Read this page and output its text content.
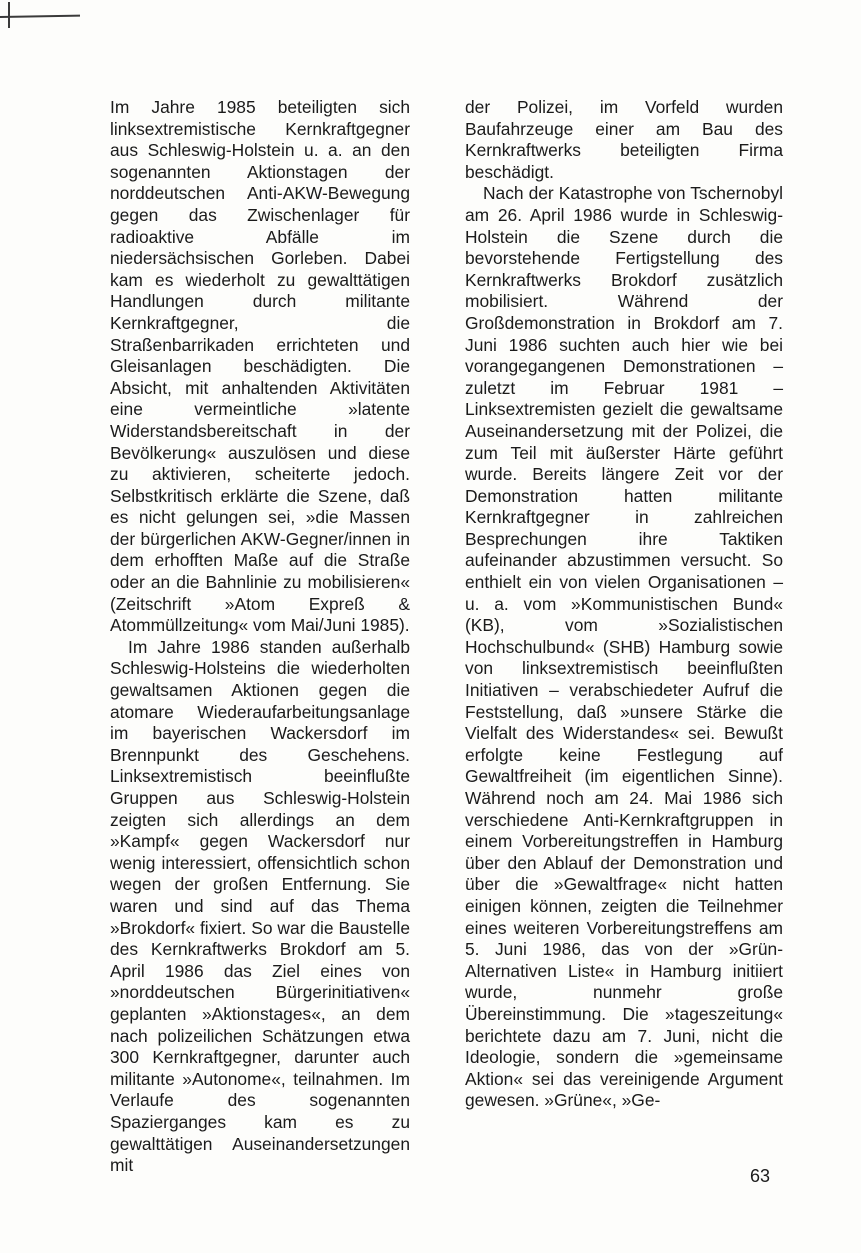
Im Jahre 1985 beteiligten sich linksextremistische Kernkraftgegner aus Schleswig-Holstein u. a. an den sogenannten Aktionstagen der norddeutschen Anti-AKW-Bewegung gegen das Zwischenlager für radioaktive Abfälle im niedersächsischen Gorleben. Dabei kam es wiederholt zu gewalttätigen Handlungen durch militante Kernkraftgegner, die Straßenbarrikaden errichteten und Gleisanlagen beschädigten. Die Absicht, mit anhaltenden Aktivitäten eine vermeintliche »latente Widerstandsbereitschaft in der Bevölkerung« auszulösen und diese zu aktivieren, scheiterte jedoch. Selbstkritisch erklärte die Szene, daß es nicht gelungen sei, »die Massen der bürgerlichen AKW-Gegner/innen in dem erhofften Maße auf die Straße oder an die Bahnlinie zu mobilisieren« (Zeitschrift »Atom Expreß & Atommüllzeitung« vom Mai/Juni 1985).

Im Jahre 1986 standen außerhalb Schleswig-Holsteins die wiederholten gewaltsamen Aktionen gegen die atomare Wiederaufarbeitungsanlage im bayerischen Wackersdorf im Brennpunkt des Geschehens. Linksextremistisch beeinflußte Gruppen aus Schleswig-Holstein zeigten sich allerdings an dem »Kampf« gegen Wackersdorf nur wenig interessiert, offensichtlich schon wegen der großen Entfernung. Sie waren und sind auf das Thema »Brokdorf« fixiert. So war die Baustelle des Kernkraftwerks Brokdorf am 5. April 1986 das Ziel eines von »norddeutschen Bürgerinitiativen« geplanten »Aktionstages«, an dem nach polizeilichen Schätzungen etwa 300 Kernkraftgegner, darunter auch militante »Autonome«, teilnahmen. Im Verlaufe des sogenannten Spazierganges kam es zu gewalttätigen Auseinandersetzungen mit

der Polizei, im Vorfeld wurden Baufahrzeuge einer am Bau des Kernkraftwerks beteiligten Firma beschädigt.

Nach der Katastrophe von Tschernobyl am 26. April 1986 wurde in Schleswig-Holstein die Szene durch die bevorstehende Fertigstellung des Kernkraftwerks Brokdorf zusätzlich mobilisiert. Während der Großdemonstration in Brokdorf am 7. Juni 1986 suchten auch hier wie bei vorangegangenen Demonstrationen – zuletzt im Februar 1981 – Linksextremisten gezielt die gewaltsame Auseinandersetzung mit der Polizei, die zum Teil mit äußerster Härte geführt wurde. Bereits längere Zeit vor der Demonstration hatten militante Kernkraftgegner in zahlreichen Besprechungen ihre Taktiken aufeinander abzustimmen versucht. So enthielt ein von vielen Organisationen – u. a. vom »Kommunistischen Bund« (KB), vom »Sozialistischen Hochschulbund« (SHB) Hamburg sowie von linksextremistisch beeinflußten Initiativen – verabschiedeter Aufruf die Feststellung, daß »unsere Stärke die Vielfalt des Widerstandes« sei. Bewußt erfolgte keine Festlegung auf Gewaltfreiheit (im eigentlichen Sinne). Während noch am 24. Mai 1986 sich verschiedene Anti-Kernkraftgruppen in einem Vorbereitungstreffen in Hamburg über den Ablauf der Demonstration und über die »Gewaltfrage« nicht hatten einigen können, zeigten die Teilnehmer eines weiteren Vorbereitungstreffens am 5. Juni 1986, das von der »Grün-Alternativen Liste« in Hamburg initiiert wurde, nunmehr große Übereinstimmung. Die »tageszeitung« berichtete dazu am 7. Juni, nicht die Ideologie, sondern die »gemeinsame Aktion« sei das vereinigende Argument gewesen. »Grüne«, »Ge-

63
